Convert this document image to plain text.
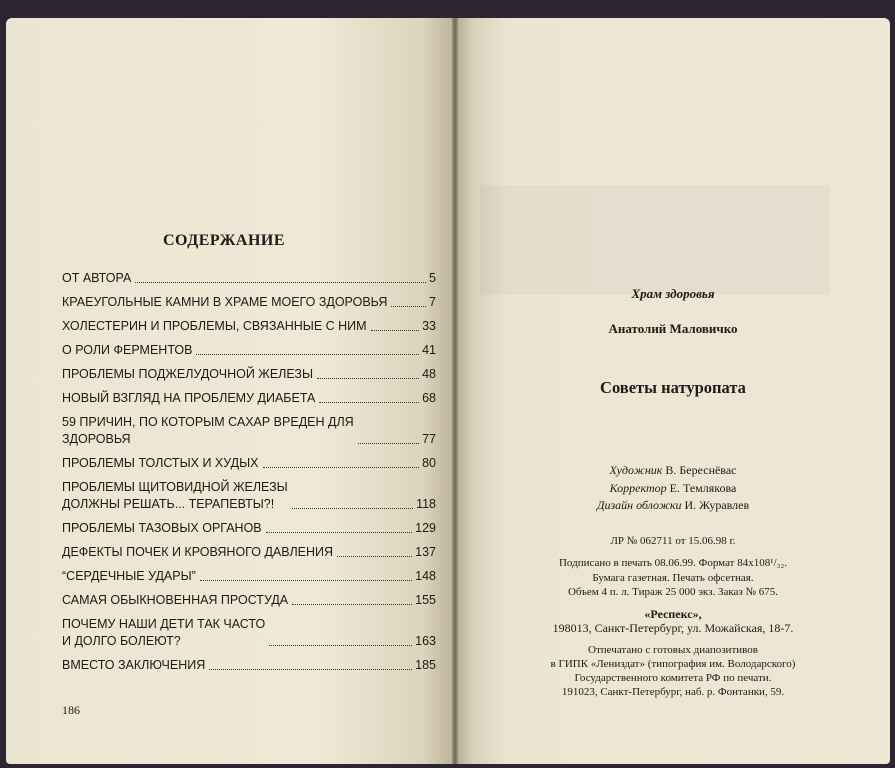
СОДЕРЖАНИЕ
ОТ АВТОРА	5
КРАЕУГОЛЬНЫЕ КАМНИ В ХРАМЕ МОЕГО ЗДОРОВЬЯ	7
ХОЛЕСТЕРИН И ПРОБЛЕМЫ, СВЯЗАННЫЕ С НИМ	33
О РОЛИ ФЕРМЕНТОВ	41
ПРОБЛЕМЫ ПОДЖЕЛУДОЧНОЙ ЖЕЛЕЗЫ	48
НОВЫЙ ВЗГЛЯД НА ПРОБЛЕМУ ДИАБЕТА	68
59 ПРИЧИН, ПО КОТОРЫМ САХАР ВРЕДЕН ДЛЯ
ЗДОРОВЬЯ	77
ПРОБЛЕМЫ ТОЛСТЫХ И ХУДЫХ	80
ПРОБЛЕМЫ ЩИТОВИДНОЙ ЖЕЛЕЗЫ
ДОЛЖНЫ РЕШАТЬ... ТЕРАПЕВТЫ?!	118
ПРОБЛЕМЫ ТАЗОВЫХ ОРГАНОВ	129
ДЕФЕКТЫ ПОЧЕК И КРОВЯНОГО ДАВЛЕНИЯ	137
“СЕРДЕЧНЫЕ УДАРЫ”	148
САМАЯ ОБЫКНОВЕННАЯ ПРОСТУДА	155
ПОЧЕМУ НАШИ ДЕТИ ТАК ЧАСТО
И ДОЛГО БОЛЕЮТ?	163
ВМЕСТО ЗАКЛЮЧЕНИЯ	185

186

Храм здоровья

Анатолий Маловичко

Советы натуропата

Художник В. Береснёвас

Корректор Е. Темлякова

Дизайн обложки И. Журавлев

ЛР № 062711 от 15.06.98 г.

Подписано в печать 08.06.99. Формат 84x108¹/₃₂.

Бумага газетная. Печать офсетная.

Объем 4 п. л. Тираж 25 000 экз. Заказ № 675.

«Респекс»,

198013, Санкт-Петербург, ул. Можайская, 18-7.

Отпечатано с готовых диапозитивов

в ГИПК «Лениздат» (типография им. Володарского)

Государственного комитета РФ по печати.

191023, Санкт-Петербург, наб. р. Фонтанки, 59.
